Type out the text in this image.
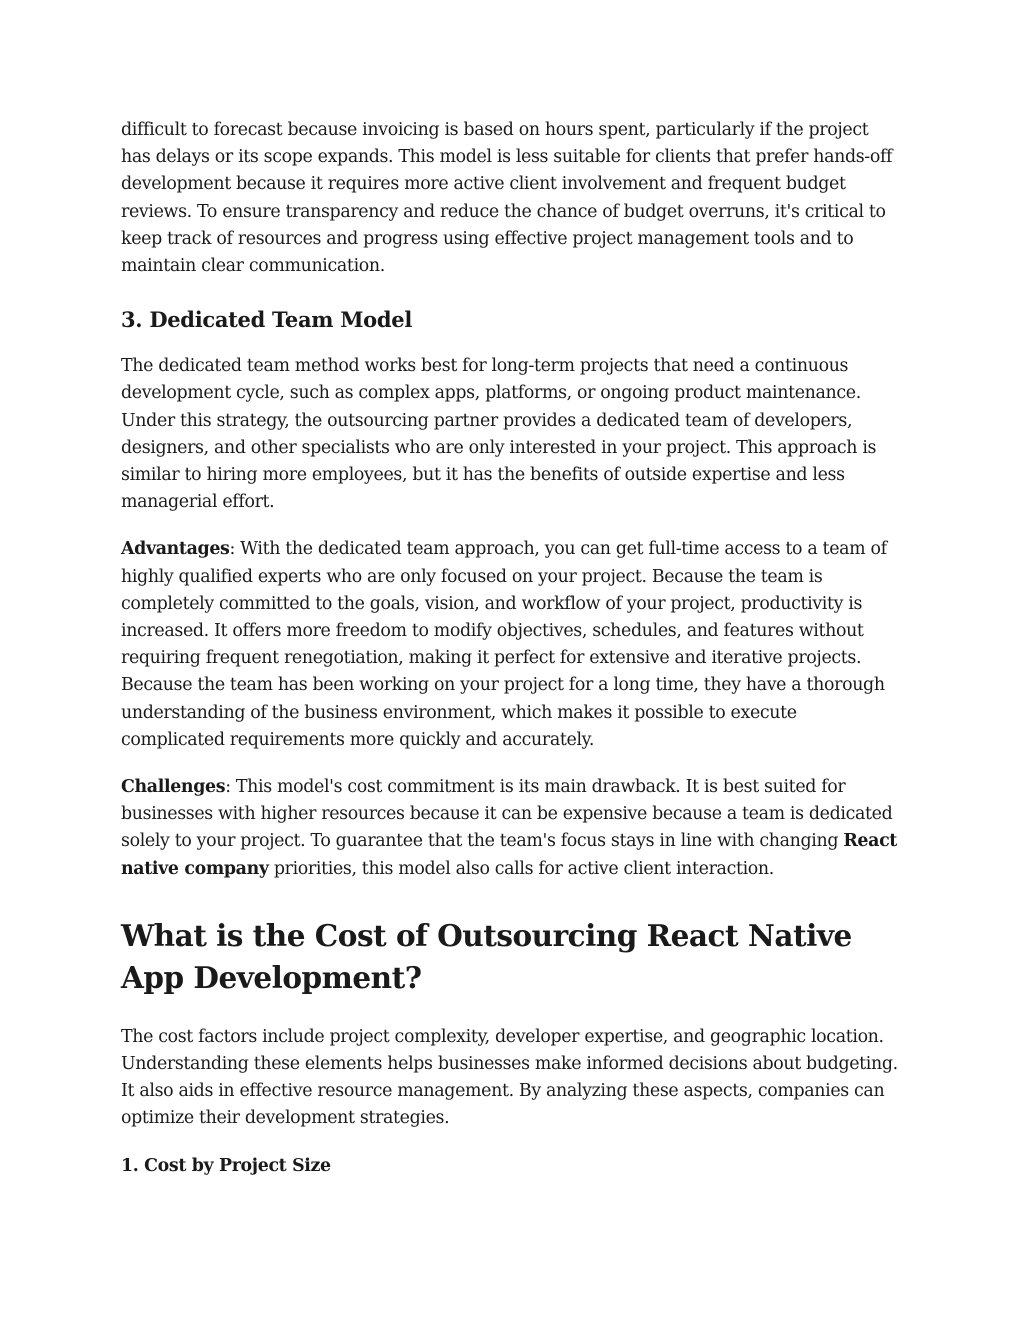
difficult to forecast because invoicing is based on hours spent, particularly if the project has delays or its scope expands. This model is less suitable for clients that prefer hands-off development because it requires more active client involvement and frequent budget reviews. To ensure transparency and reduce the chance of budget overruns, it's critical to keep track of resources and progress using effective project management tools and to maintain clear communication.

3. Dedicated Team Model

The dedicated team method works best for long-term projects that need a continuous development cycle, such as complex apps, platforms, or ongoing product maintenance. Under this strategy, the outsourcing partner provides a dedicated team of developers, designers, and other specialists who are only interested in your project. This approach is similar to hiring more employees, but it has the benefits of outside expertise and less managerial effort.

Advantages: With the dedicated team approach, you can get full-time access to a team of highly qualified experts who are only focused on your project. Because the team is completely committed to the goals, vision, and workflow of your project, productivity is increased. It offers more freedom to modify objectives, schedules, and features without requiring frequent renegotiation, making it perfect for extensive and iterative projects. Because the team has been working on your project for a long time, they have a thorough understanding of the business environment, which makes it possible to execute complicated requirements more quickly and accurately.

Challenges: This model's cost commitment is its main drawback. It is best suited for businesses with higher resources because it can be expensive because a team is dedicated solely to your project. To guarantee that the team's focus stays in line with changing React native company priorities, this model also calls for active client interaction.

What is the Cost of Outsourcing React Native App Development?

The cost factors include project complexity, developer expertise, and geographic location. Understanding these elements helps businesses make informed decisions about budgeting. It also aids in effective resource management. By analyzing these aspects, companies can optimize their development strategies.

1. Cost by Project Size
